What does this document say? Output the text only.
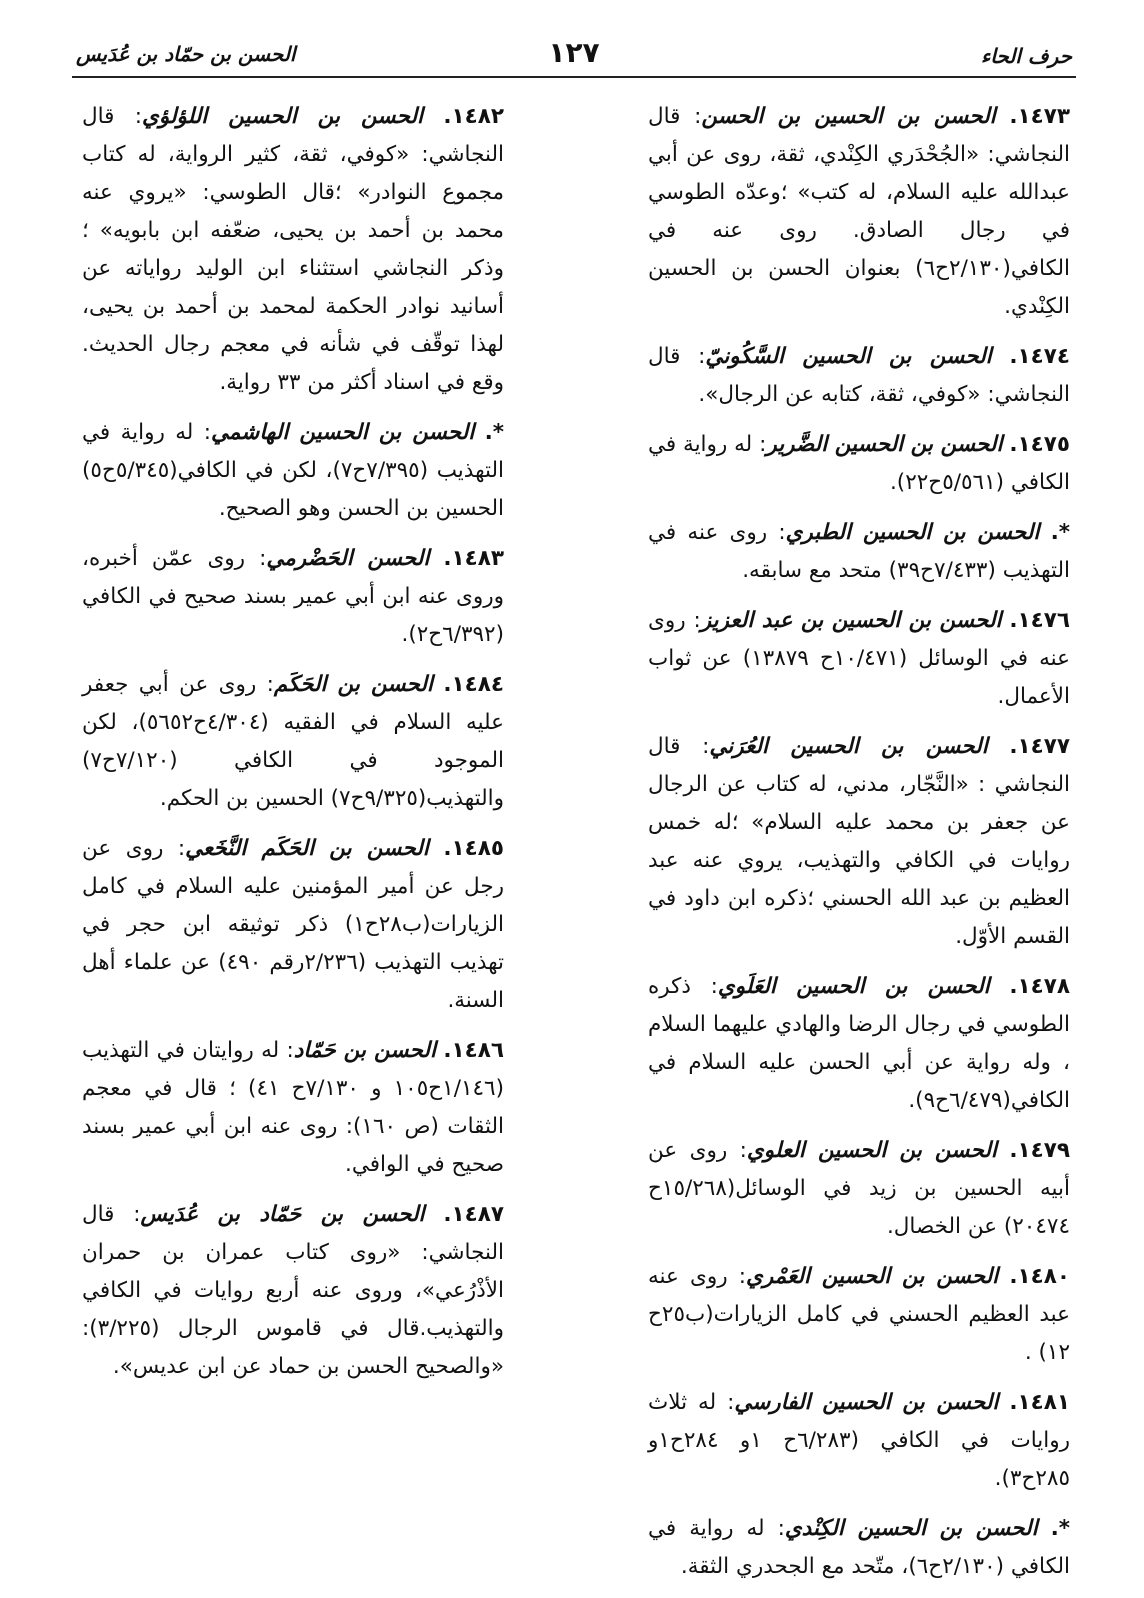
حرف الحاء
١٢٧
الحسن بن حمّاد بن عُدَيس

١٤٧٣. الحسن بن الحسين بن الحسن: قال النجاشي: «الجُحْدَري الكِنْدي، ثقة، روى عن أبي عبدالله عليه السلام، له كتب» ؛وعدّه الطوسي في رجال الصادق. روى عنه في الكافي(٢/١٣٠ح٦) بعنوان الحسن بن الحسين الكِنْدي.

١٤٧٤. الحسن بن الحسين السَّكُونيّ: قال النجاشي: «كوفي، ثقة، كتابه عن الرجال».

١٤٧٥. الحسن بن الحسين الضَّرير: له رواية في الكافي (٥/٥٦١ح٢٢).

*. الحسن بن الحسين الطبري: روى عنه في التهذيب (٧/٤٣٣ح٣٩) متحد مع سابقه.

١٤٧٦. الحسن بن الحسين بن عبد العزيز: روى عنه في الوسائل (١٠/٤٧١ح ١٣٨٧٩) عن ثواب الأعمال.

١٤٧٧. الحسن بن الحسين العُرَني: قال النجاشي : «النَّجّار، مدني، له كتاب عن الرجال عن جعفر بن محمد عليه السلام» ؛له خمس روايات في الكافي والتهذيب، يروي عنه عبد العظيم بن عبد الله الحسني ؛ذكره ابن داود في القسم الأوّل.

١٤٧٨. الحسن بن الحسين العَلَوي: ذكره الطوسي في رجال الرضا والهادي عليهما السلام ، وله رواية عن أبي الحسن عليه السلام في الكافي(٦/٤٧٩ح٩).

١٤٧٩. الحسن بن الحسين العلوي: روى عن أبيه الحسين بن زيد في الوسائل(١٥/٢٦٨ح ٢٠٤٧٤) عن الخصال.

١٤٨٠. الحسن بن الحسين العَمْري: روى عنه عبد العظيم الحسني في كامل الزيارات(ب٢٥ح ١٢) .

١٤٨١. الحسن بن الحسين الفارسي: له ثلاث روايات في الكافي (٦/٢٨٣ح ١و ٢٨٤ح١و ٢٨٥ح٣).

*. الحسن بن الحسين الكِنْدي: له رواية في الكافي (٢/١٣٠ح٦)، متّحد مع الجحدري الثقة.

١٤٨٢. الحسن بن الحسين اللؤلؤي: قال النجاشي: «كوفي، ثقة، كثير الرواية، له كتاب مجموع النوادر» ؛قال الطوسي: «يروي عنه محمد بن أحمد بن يحيى، ضعّفه ابن بابويه» ؛وذكر النجاشي استثناء ابن الوليد رواياته عن أسانيد نوادر الحكمة لمحمد بن أحمد بن يحيى، لهذا توقّف في شأنه في معجم رجال الحديث. وقع في اسناد أكثر من ٣٣ رواية.

*. الحسن بن الحسين الهاشمي: له رواية في التهذيب (٧/٣٩٥ح٧)، لكن في الكافي(٥/٣٤٥ح٥) الحسين بن الحسن وهو الصحيح.

١٤٨٣. الحسن الحَضْرمي: روى عمّن أخبره، وروى عنه ابن أبي عمير بسند صحيح في الكافي (٦/٣٩٢ح٢).

١٤٨٤. الحسن بن الحَكَم: روى عن أبي جعفر عليه السلام في الفقيه (٤/٣٠٤ح٥٦٥٢)، لكن الموجود في الكافي (٧/١٢٠ح٧) والتهذيب(٩/٣٢٥ح٧) الحسين بن الحكم.

١٤٨٥. الحسن بن الحَكَم النَّخَعي: روى عن رجل عن أمير المؤمنين عليه السلام في كامل الزيارات(ب٢٨ح١) ذكر توثيقه ابن حجر في تهذيب التهذيب (٢/٢٣٦رقم ٤٩٠) عن علماء أهل السنة.

١٤٨٦. الحسن بن حَمّاد: له روايتان في التهذيب (١/١٤٦ح١٠٥ و ٧/١٣٠ح ٤١) ؛ قال في معجم الثقات (ص ١٦٠): روى عنه ابن أبي عمير بسند صحيح في الوافي.

١٤٨٧. الحسن بن حَمّاد بن عُدَيس: قال النجاشي: «روى كتاب عمران بن حمران الأذْرُعي»، وروى عنه أربع روايات في الكافي والتهذيب.قال في قاموس الرجال (٣/٢٢٥): «والصحيح الحسن بن حماد عن ابن عديس».
